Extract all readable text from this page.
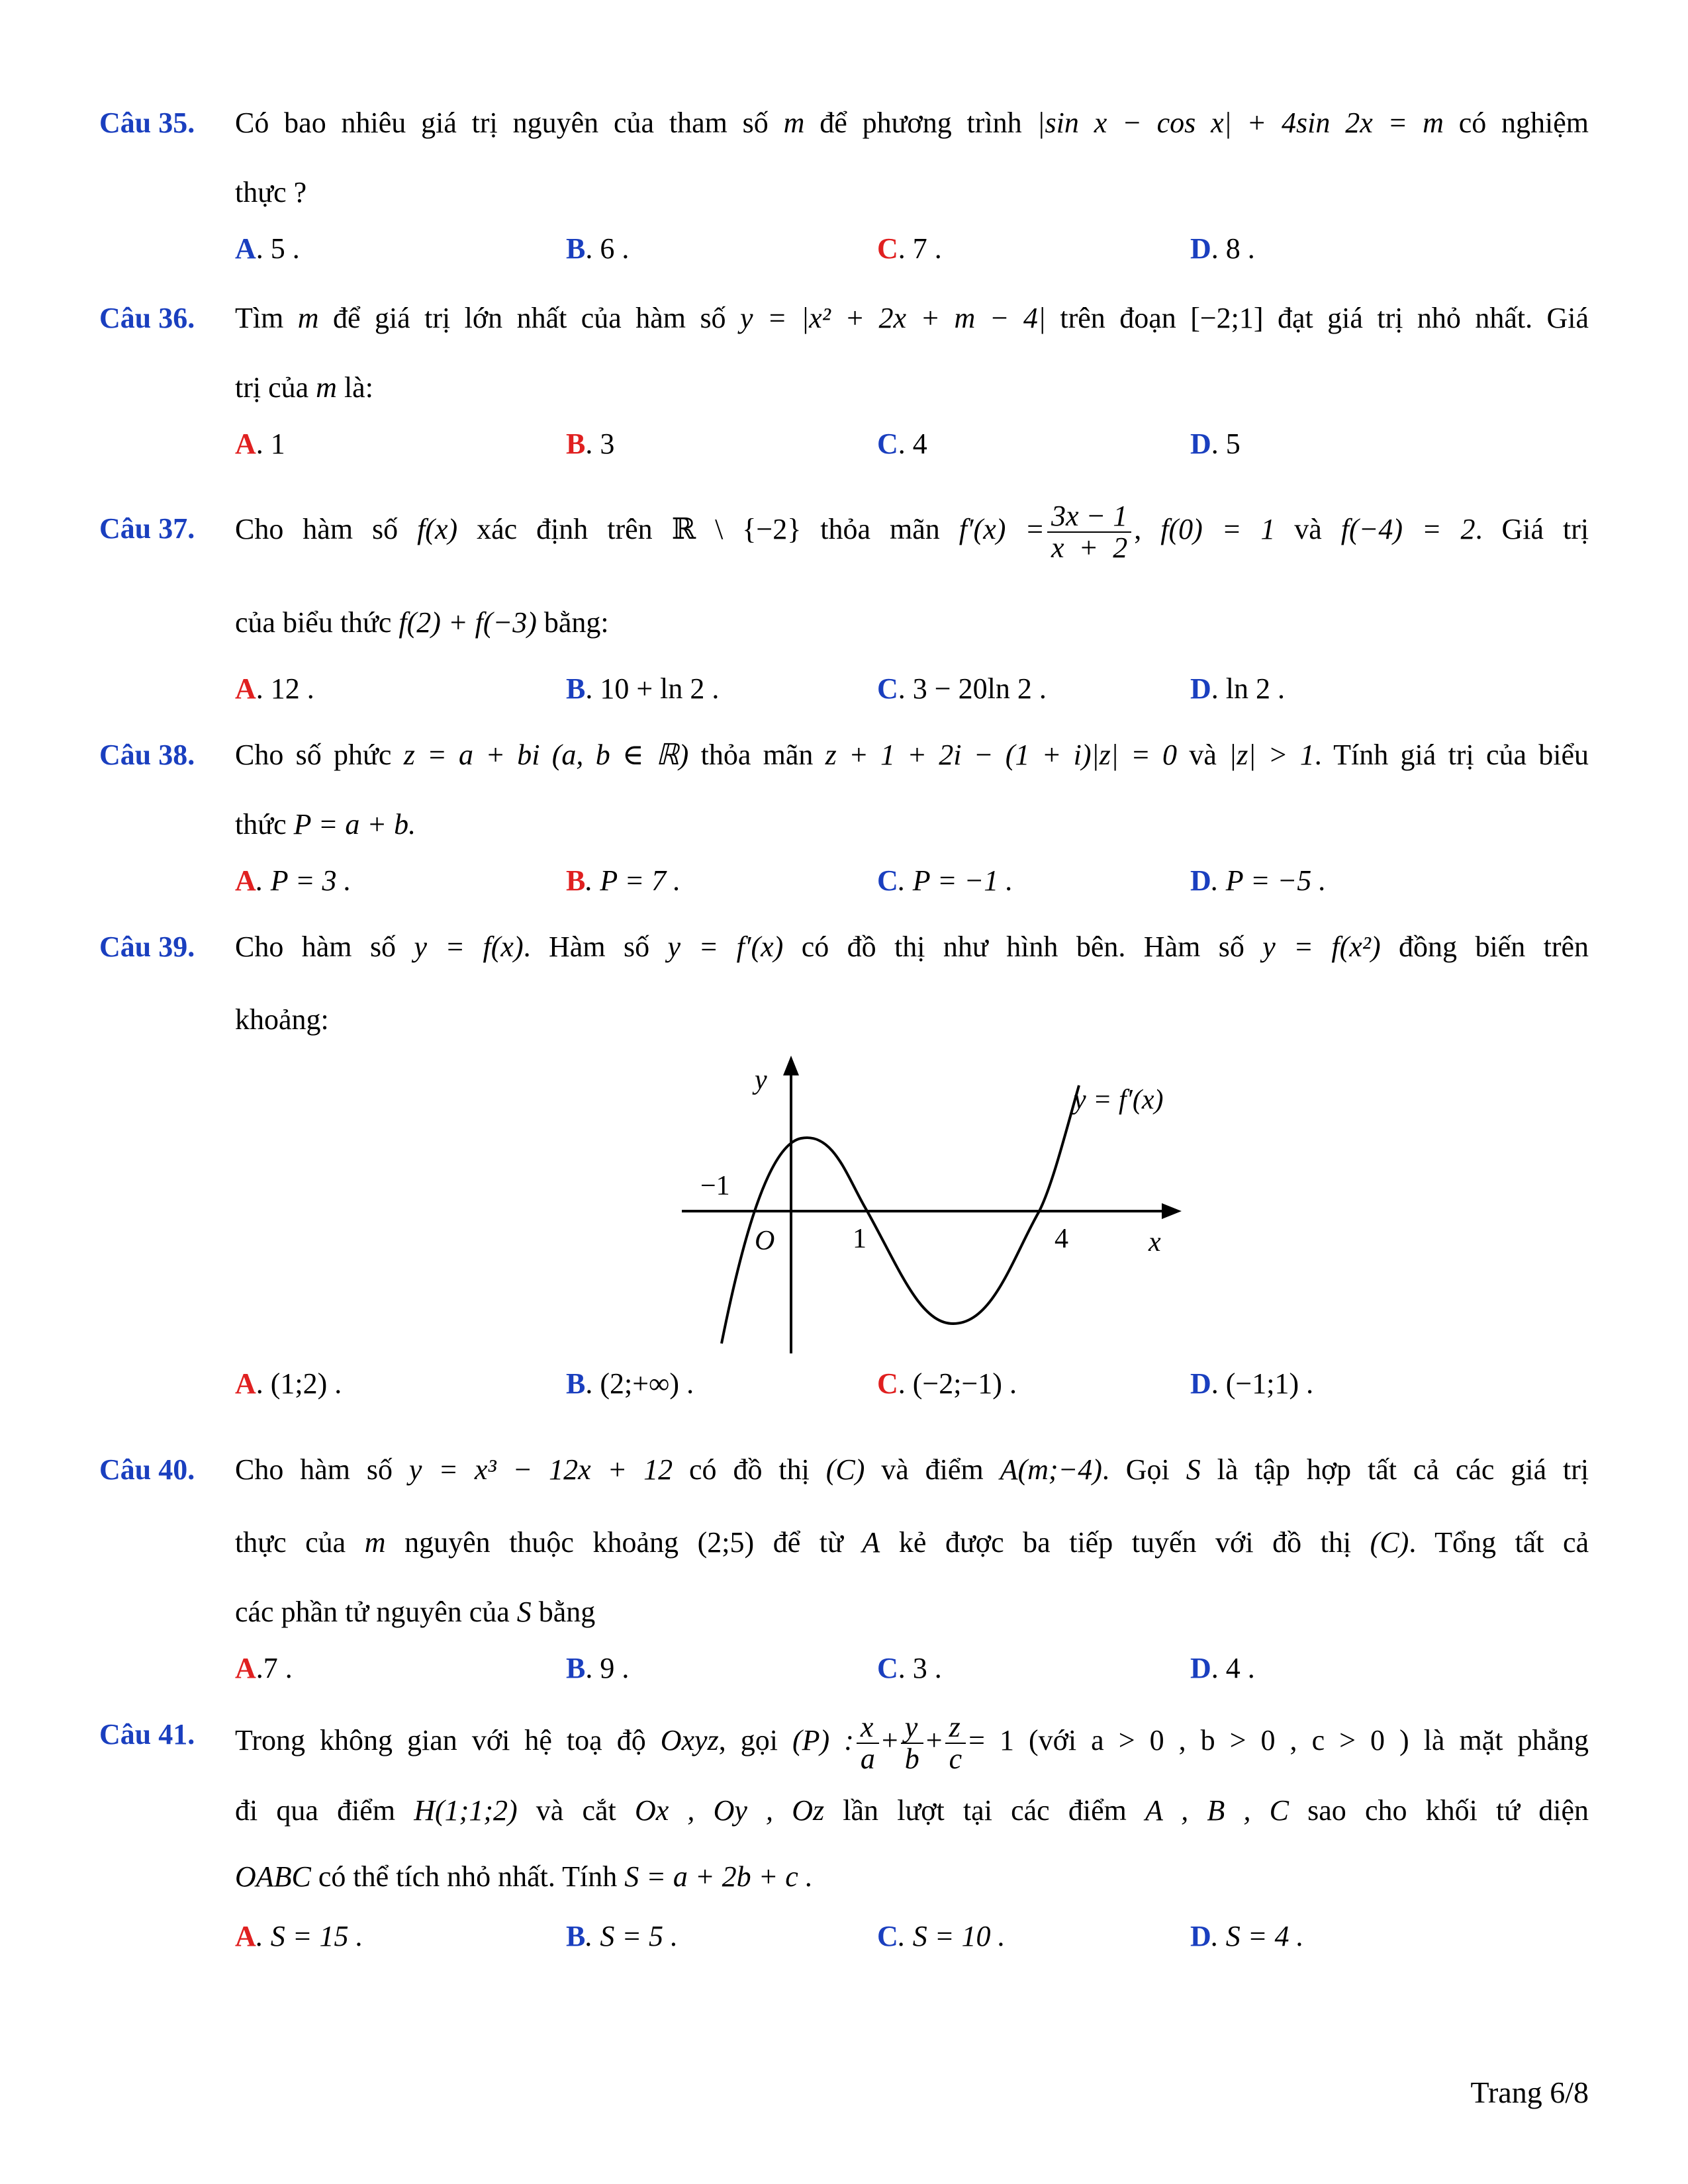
Câu 35. Có bao nhiêu giá trị nguyên của tham số m để phương trình |sin x − cos x| + 4sin 2x = m có nghiệm
thực ?
A. 5 .	B. 6 .	C. 7 .	D. 8 .
Câu 36. Tìm m để giá trị lớn nhất của hàm số y = |x² + 2x + m − 4| trên đoạn [−2;1] đạt giá trị nhỏ nhất. Giá
trị của m là:
A. 1	B. 3	C. 4	D. 5
Câu 37. Cho hàm số f(x) xác định trên ℝ \ {−2} thỏa mãn $f'(x) = \frac{3x - 1}{x + 2}$ , f(0) = 1 và f(−4) = 2. Giá trị
của biểu thức f(2) + f(−3) bằng:
A. 12 .	B. 10 + ln 2 .	C. 3 − 20ln 2 .	D. ln 2 .
Câu 38. Cho số phức z = a + bi (a, b ∈ ℝ) thỏa mãn z + 1 + 2i − (1 + i)|z| = 0 và |z| > 1. Tính giá trị của biểu
thức P = a + b.
A. P = 3 .	B. P = 7 .	C. P = −1 .	D. P = −5 .
Câu 39. Cho hàm số y = f(x). Hàm số y = f′(x) có đồ thị như hình bên. Hàm số y = f(x²) đồng biến trên
khoảng:
y
x
O
−1
1	4
y = f′(x)
A. (1;2) .	B. (2;+∞) .	C. (−2;−1) .	D. (−1;1) .
Câu 40. Cho hàm số y = x³ − 12x + 12 có đồ thị (C) và điểm A(m;−4). Gọi S là tập hợp tất cả các giá trị
thực của m nguyên thuộc khoảng (2;5) để từ A kẻ được ba tiếp tuyến với đồ thị (C). Tổng tất cả
các phần tử nguyên của S bằng
A.7 .	B. 9 .	C. 3 .	D. 4 .
Câu 41. Trong không gian với hệ toạ độ Oxyz, gọi (P) : $\frac{x}{a} + \frac{y}{b} + \frac{z}{c} = 1$ (với a > 0 , b > 0 , c > 0 ) là mặt phẳng
đi qua điểm H(1;1;2) và cắt Ox , Oy , Oz lần lượt tại các điểm A , B , C sao cho khối tứ diện
OABC có thể tích nhỏ nhất. Tính S = a + 2b + c .
A. S = 15 .	B. S = 5 .	C. S = 10 .	D. S = 4 .
Trang 6/8
